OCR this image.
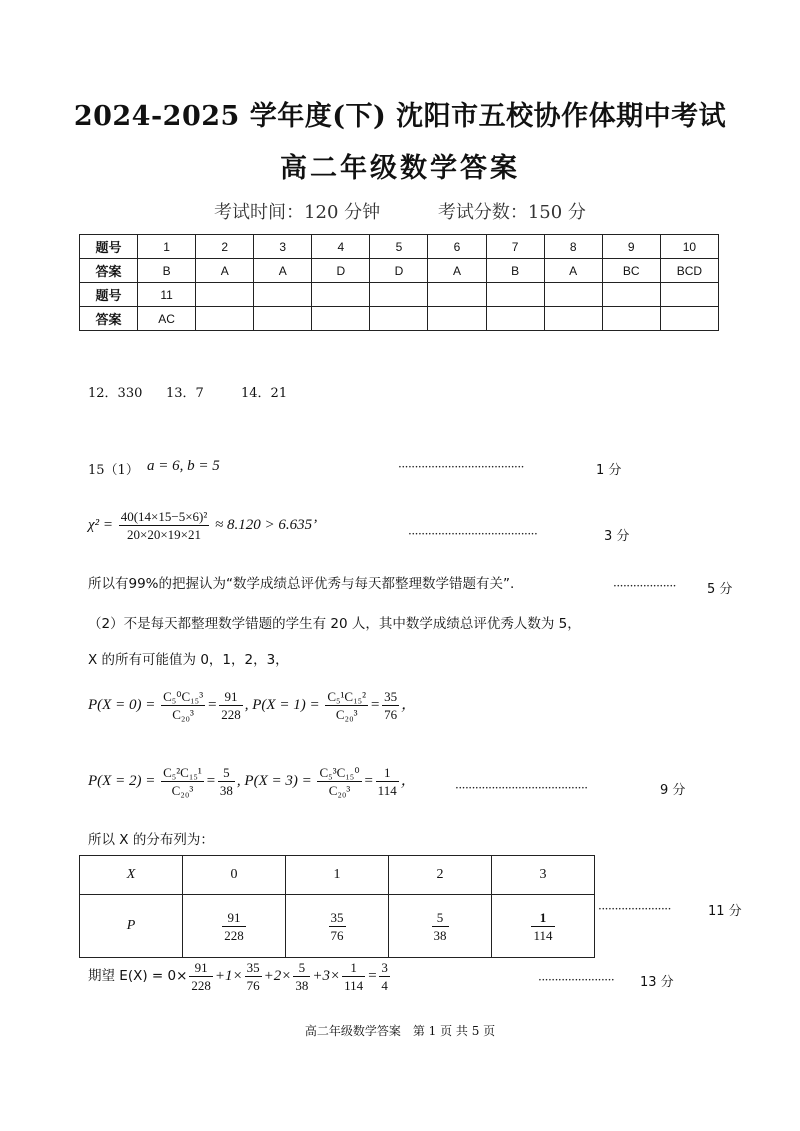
2024-2025 学年度(下) 沈阳市五校协作体期中考试
高二年级数学答案
考试时间：120 分钟	考试分数：150 分
题号	1	2	3	4	5	6	7	8	9	10
答案	B	A	A	D	D	A	B	A	BC	BCD
题号	11									
答案	AC									
12．330 13．7	14．21
15（1） a = 6, b = 5	······································	1 分
$\chi^2 = \frac{\text{40(14×15−5×6)²}}{20\times 20\times 19\times 21} \approx 8.120 > 6.635$’
·······································	3 分
所以有99%的把握认为“数学成绩总评优秀与每天都整理数学错题有关”.	··················· 5 分
（2）不是每天都整理数学错题的学生有 20 人，其中数学成绩总评优秀人数为 5，
X 的所有可能值为 0，1，2，3，
$P(X = 0) = \frac{\text{C₅⁰C₁₅³}}{\text{C₂₀³}} = \frac{91}{228}$ , $P(X = 1) = \frac{\text{C₅¹C₁₅²}}{\text{C₂₀³}} = \frac{35}{76}$ ，
$P(X = 2) = \frac{\text{C₅²C₁₅¹}}{\text{C₂₀³}} = \frac{5}{38}$ , $P(X = 3) = \frac{\text{C₅³C₁₅⁰}}{\text{C₂₀³}} = \frac{1}{114}$ ，	········································	9 分
所以 X 的分布列为：
X	0	1	2	3
P	$\frac{91}{228}$	$\frac{35}{76}$	$\frac{5}{38}$	$\frac{1}{114}$	······················	11 分
期望 $E(X) = 0\times \frac{91}{228} +1\times \frac{35}{76} +2\times \frac{5}{38} +3\times \frac{1}{114} = \frac{3}{4}$	······················· 13 分
高二年级数学答案　第 1 页 共 5 页
